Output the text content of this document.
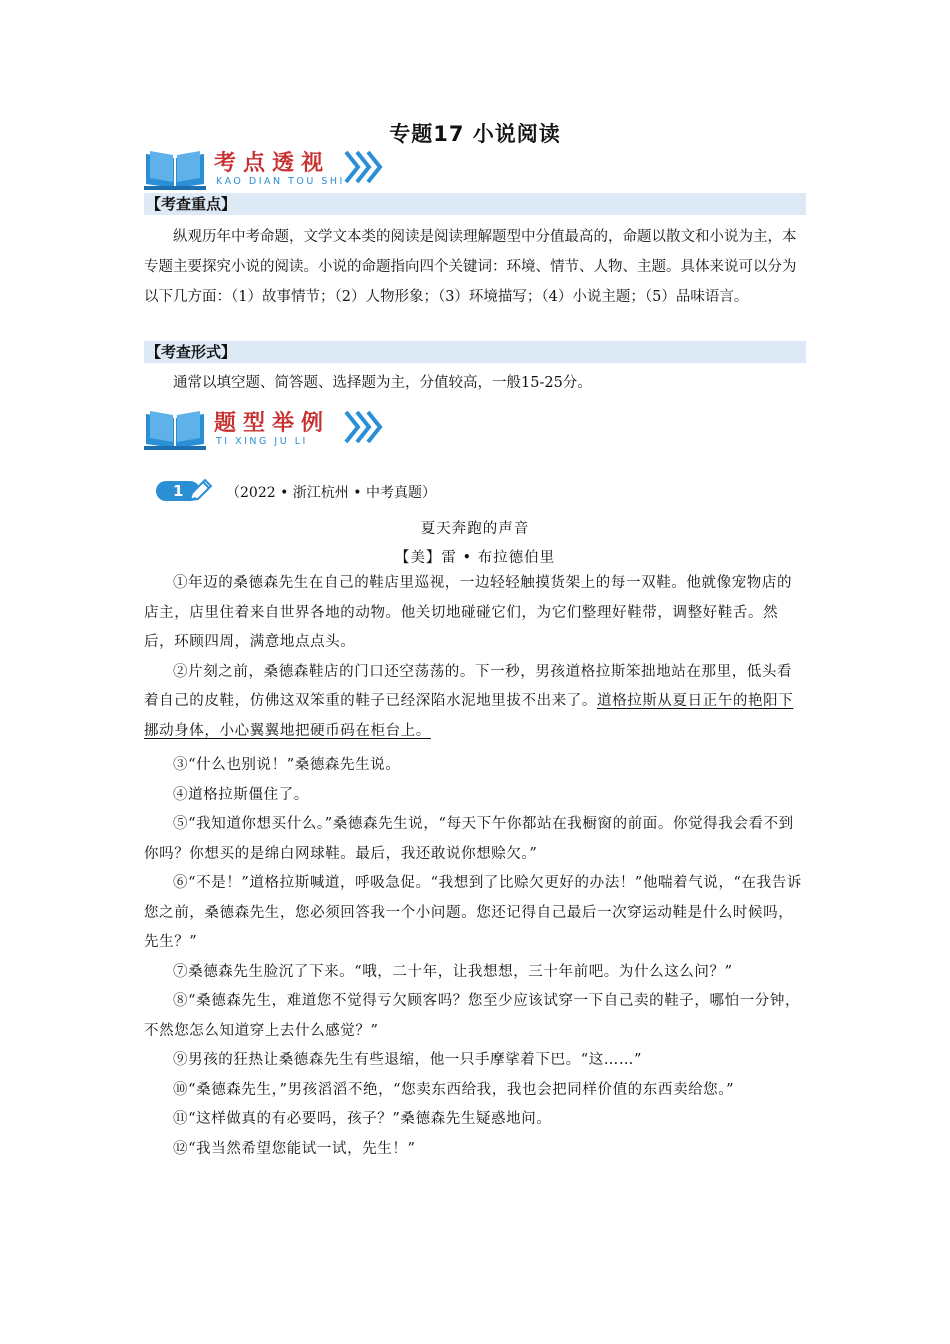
专题17 小说阅读
考点透视
KAO DIAN TOU SHI
【考查重点】
纵观历年中考命题，文学文本类的阅读是阅读理解题型中分值最高的，命题以散文和小说为主，本专题主要探究小说的阅读。小说的命题指向四个关键词：环境、情节、人物、主题。具体来说可以分为以下几方面：（1）故事情节；（2）人物形象；（3）环境描写；（4）小说主题；（5）品味语言。
【考查形式】
通常以填空题、简答题、选择题为主，分值较高，一般15-25分。
题型举例
TI XING JU LI
1	（2022 • 浙江杭州 • 中考真题）
夏天奔跑的声音
【美】雷 • 布拉德伯里

①年迈的桑德森先生在自己的鞋店里巡视，一边轻轻触摸货架上的每一双鞋。他就像宠物店的店主，店里住着来自世界各地的动物。他关切地碰碰它们，为它们整理好鞋带，调整好鞋舌。然后，环顾四周，满意地点点头。

②片刻之前，桑德森鞋店的门口还空荡荡的。下一秒，男孩道格拉斯笨拙地站在那里，低头看着自己的皮鞋，仿佛这双笨重的鞋子已经深陷水泥地里拔不出来了。道格拉斯从夏日正午的艳阳下挪动身体，小心翼翼地把硬币码在柜台上。

③“什么也别说！”桑德森先生说。

④道格拉斯僵住了。

⑤“我知道你想买什么。”桑德森先生说，“每天下午你都站在我橱窗的前面。你觉得我会看不到你吗？你想买的是绵白网球鞋。最后，我还敢说你想赊欠。”

⑥“不是！”道格拉斯喊道，呼吸急促。“我想到了比赊欠更好的办法！”他喘着气说，“在我告诉您之前，桑德森先生，您必须回答我一个小问题。您还记得自己最后一次穿运动鞋是什么时候吗，先生？”

⑦桑德森先生脸沉了下来。“哦，二十年，让我想想，三十年前吧。为什么这么问？”

⑧“桑德森先生，难道您不觉得亏欠顾客吗？您至少应该试穿一下自己卖的鞋子，哪怕一分钟，不然您怎么知道穿上去什么感觉？”

⑨男孩的狂热让桑德森先生有些退缩，他一只手摩挲着下巴。“这……”

⑩“桑德森先生，”男孩滔滔不绝，“您卖东西给我，我也会把同样价值的东西卖给您。”

⑪“这样做真的有必要吗，孩子？”桑德森先生疑惑地问。

⑫“我当然希望您能试一试，先生！”
